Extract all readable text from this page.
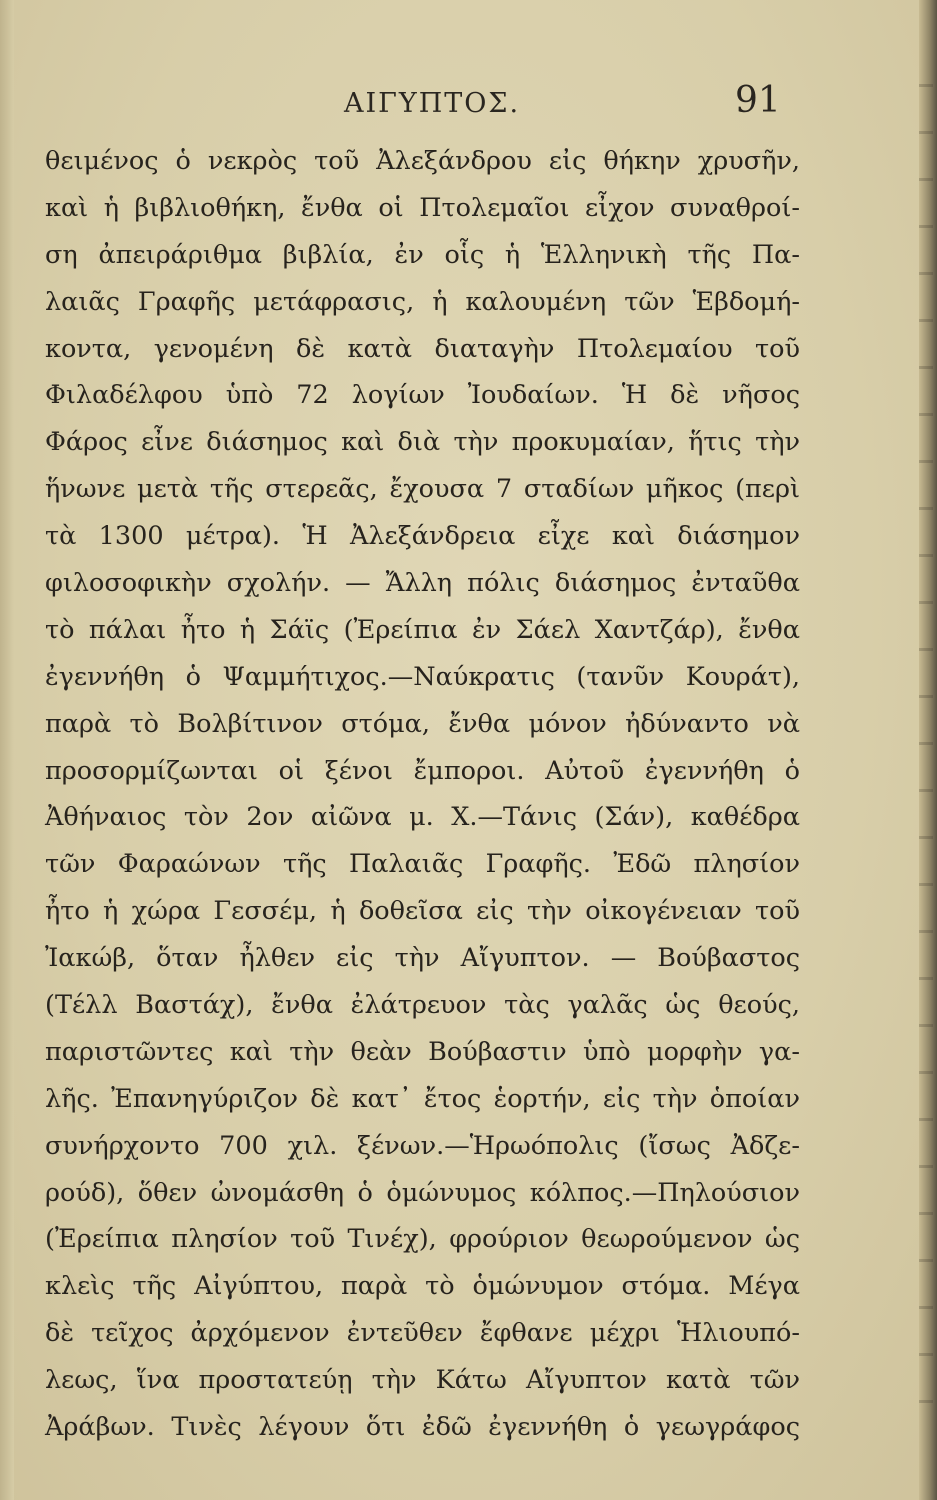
ΑΙΓΥΠΤΟΣ.	91
θειμένος ὁ νεκρὸς τοῦ Ἀλεξάνδρου εἰς θήκην χρυσῆν,
καὶ ἡ βιβλιοθήκη, ἔνθα οἱ Πτολεμαῖοι εἶχον συναθροί-
ση ἀπειράριθμα βιβλία, ἐν οἷς ἡ Ἑλληνικὴ τῆς Πα-
λαιᾶς Γραφῆς μετάφρασις, ἡ καλουμένη τῶν Ἑβδομή-
κοντα, γενομένη δὲ κατὰ διαταγὴν Πτολεμαίου τοῦ
Φιλαδέλφου ὑπὸ 72 λογίων Ἰουδαίων. Ἡ δὲ νῆσος
Φάρος εἶνε διάσημος καὶ διὰ τὴν προκυμαίαν, ἥτις τὴν
ἥνωνε μετὰ τῆς στερεᾶς, ἔχουσα 7 σταδίων μῆκος (περὶ
τὰ 1300 μέτρα). Ἡ Ἀλεξάνδρεια εἶχε καὶ διάσημον
φιλοσοφικὴν σχολήν. — Ἄλλη πόλις διάσημος ἐνταῦθα
τὸ πάλαι ἦτο ἡ Σάϊς (Ἐρείπια ἐν Σάελ Χαντζάρ), ἔνθα
ἐγεννήθη ὁ Ψαμμήτιχος.—Ναύκρατις (τανῦν Κουράτ),
παρὰ τὸ Βολβίτινον στόμα, ἔνθα μόνον ἠδύναντο νὰ
προσορμίζωνται οἱ ξένοι ἔμποροι. Αὐτοῦ ἐγεννήθη ὁ
Ἀθήναιος τὸν 2ον αἰῶνα μ. Χ.—Τάνις (Σάν), καθέδρα
τῶν Φαραώνων τῆς Παλαιᾶς Γραφῆς. Ἐδῶ πλησίον
ἦτο ἡ χώρα Γεσσέμ, ἡ δοθεῖσα εἰς τὴν οἰκογένειαν τοῦ
Ἰακώβ, ὅταν ἦλθεν εἰς τὴν Αἴγυπτον. — Βούβαστος
(Τέλλ Βαστάχ), ἔνθα ἐλάτρευον τὰς γαλᾶς ὡς θεούς,
παριστῶντες καὶ τὴν θεὰν Βούβαστιν ὑπὸ μορφὴν γα-
λῆς. Ἐπανηγύριζον δὲ κατ᾽ ἔτος ἑορτήν, εἰς τὴν ὁποίαν
συνήρχοντο 700 χιλ. ξένων.—Ἡρωόπολις (ἴσως Ἀδζε-
ρούδ), ὅθεν ὠνομάσθη ὁ ὁμώνυμος κόλπος.—Πηλούσιον
(Ἐρείπια πλησίον τοῦ Τινέχ), φρούριον θεωρούμενον ὡς
κλεὶς τῆς Αἰγύπτου, παρὰ τὸ ὁμώνυμον στόμα. Μέγα
δὲ τεῖχος ἀρχόμενον ἐντεῦθεν ἔφθανε μέχρι Ἡλιουπό-
λεως, ἵνα προστατεύῃ τὴν Κάτω Αἴγυπτον κατὰ τῶν
Ἀράβων. Τινὲς λέγουν ὅτι ἐδῶ ἐγεννήθη ὁ γεωγράφος
